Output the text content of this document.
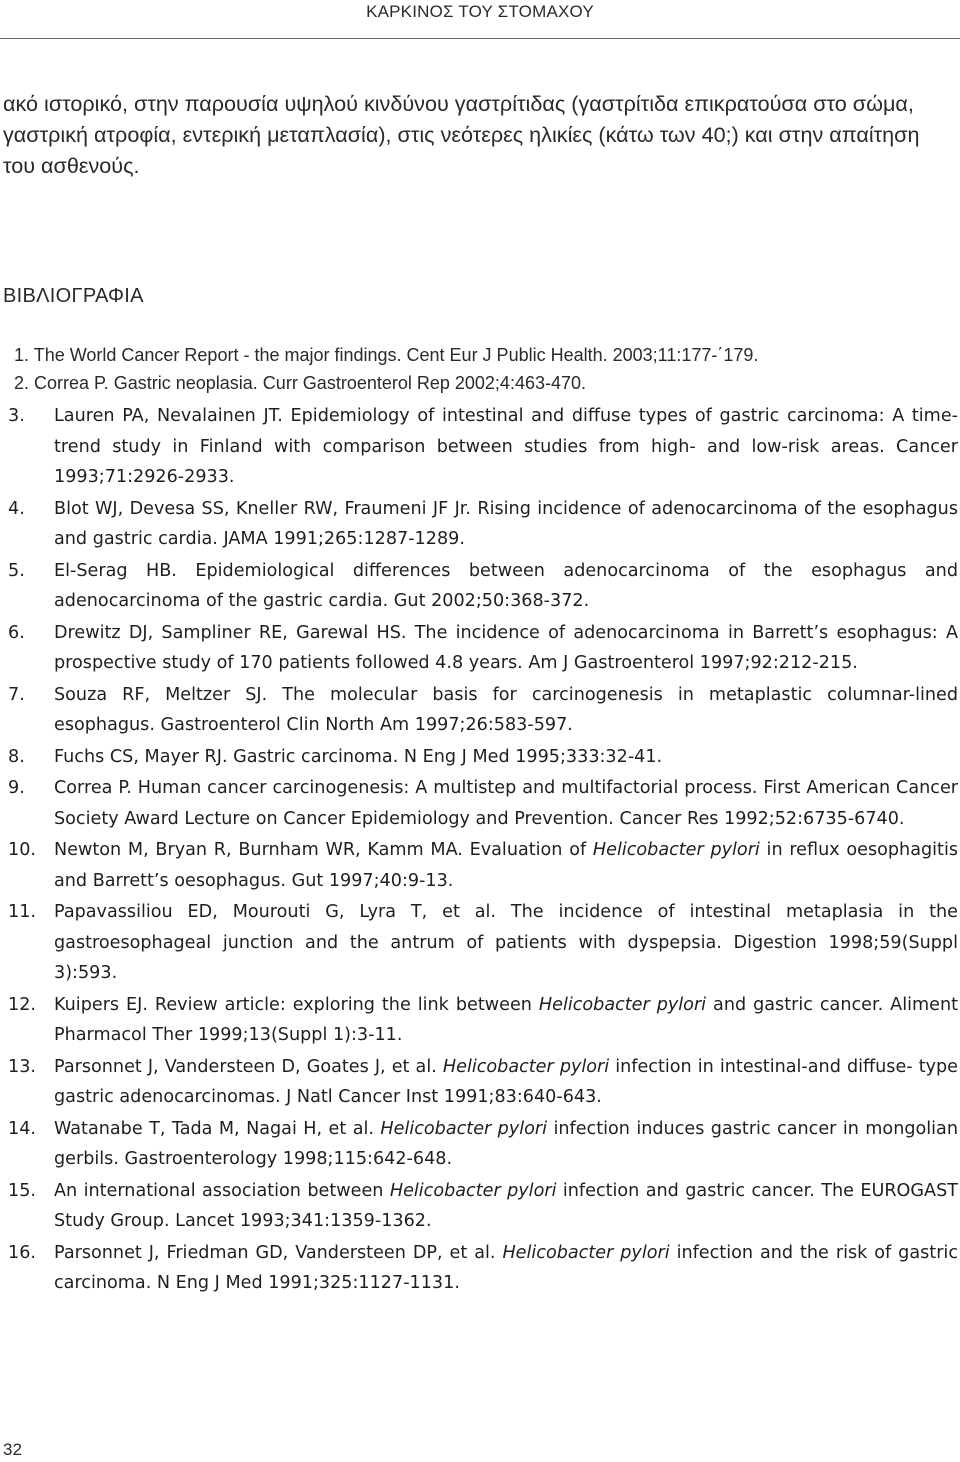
ΚΑΡΚΙΝΟΣ ΤΟΥ ΣΤΟΜΑΧΟΥ

ακό ιστορικό, στην παρουσία υψηλού κινδύνου γαστρίτιδας (γαστρίτιδα επικρατούσα στο σώμα, γαστρική ατροφία, εντερική μεταπλασία), στις νεότερες ηλικίες (κάτω των 40;) και στην απαίτηση του ασθενούς.

ΒΙΒΛΙΟΓΡΑΦΙΑ
1. The World Cancer Report - the major findings. Cent Eur J Public Health. 2003;11:177-΄179.
2. Correa P. Gastric neoplasia. Curr Gastroenterol Rep 2002;4:463-470.
3.	Lauren PA, Nevalainen JT. Epidemiology of intestinal and diffuse types of gastric carcinoma: A time-trend study in Finland with comparison between studies from high- and low-risk areas. Cancer 1993;71:2926-2933.
4.	Blot WJ, Devesa SS, Kneller RW, Fraumeni JF Jr. Rising incidence of adenocarcinoma of the esophagus and gastric cardia. JAMA 1991;265:1287-1289.
5.	El-Serag HB. Epidemiological differences between adenocarcinoma of the esophagus and adenocarcinoma of the gastric cardia. Gut 2002;50:368-372.
6.	Drewitz DJ, Sampliner RE, Garewal HS. The incidence of adenocarcinoma in Barrett’s esophagus: A prospective study of 170 patients followed 4.8 years. Am J Gastroenterol 1997;92:212-215.
7.	Souza RF, Meltzer SJ. The molecular basis for carcinogenesis in metaplastic columnar-lined esophagus. Gastroenterol Clin North Am 1997;26:583-597.
8.	Fuchs CS, Mayer RJ. Gastric carcinoma. N Eng J Med 1995;333:32-41.
9.	Correa P. Human cancer carcinogenesis: A multistep and multifactorial process. First American Cancer Society Award Lecture on Cancer Epidemiology and Prevention. Cancer Res 1992;52:6735-6740.
10.	Newton M, Bryan R, Burnham WR, Kamm MA. Evaluation of Helicobacter pylori in reflux oesophagitis and Barrett’s oesophagus. Gut 1997;40:9-13.
11.	Papavassiliou ED, Mourouti G, Lyra T, et al. The incidence of intestinal metaplasia in the gastroesophageal junction and the antrum of patients with dyspepsia. Digestion 1998;59(Suppl 3):593.
12.	Kuipers EJ. Review article: exploring the link between Helicobacter pylori and gastric cancer. Aliment Pharmacol Ther 1999;13(Suppl 1):3-11.
13.	Parsonnet J, Vandersteen D, Goates J, et al. Helicobacter pylori infection in intestinal-and diffuse- type gastric adenocarcinomas. J Natl Cancer Inst 1991;83:640-643.
14.	Watanabe T, Tada M, Nagai H, et al. Helicobacter pylori infection induces gastric cancer in mongolian gerbils. Gastroenterology 1998;115:642-648.
15.	An international association between Helicobacter pylori infection and gastric cancer. The EUROGAST Study Group. Lancet 1993;341:1359-1362.
16.	Parsonnet J, Friedman GD, Vandersteen DP, et al. Helicobacter pylori infection and the risk of gastric carcinoma. N Eng J Med 1991;325:1127-1131.
32
